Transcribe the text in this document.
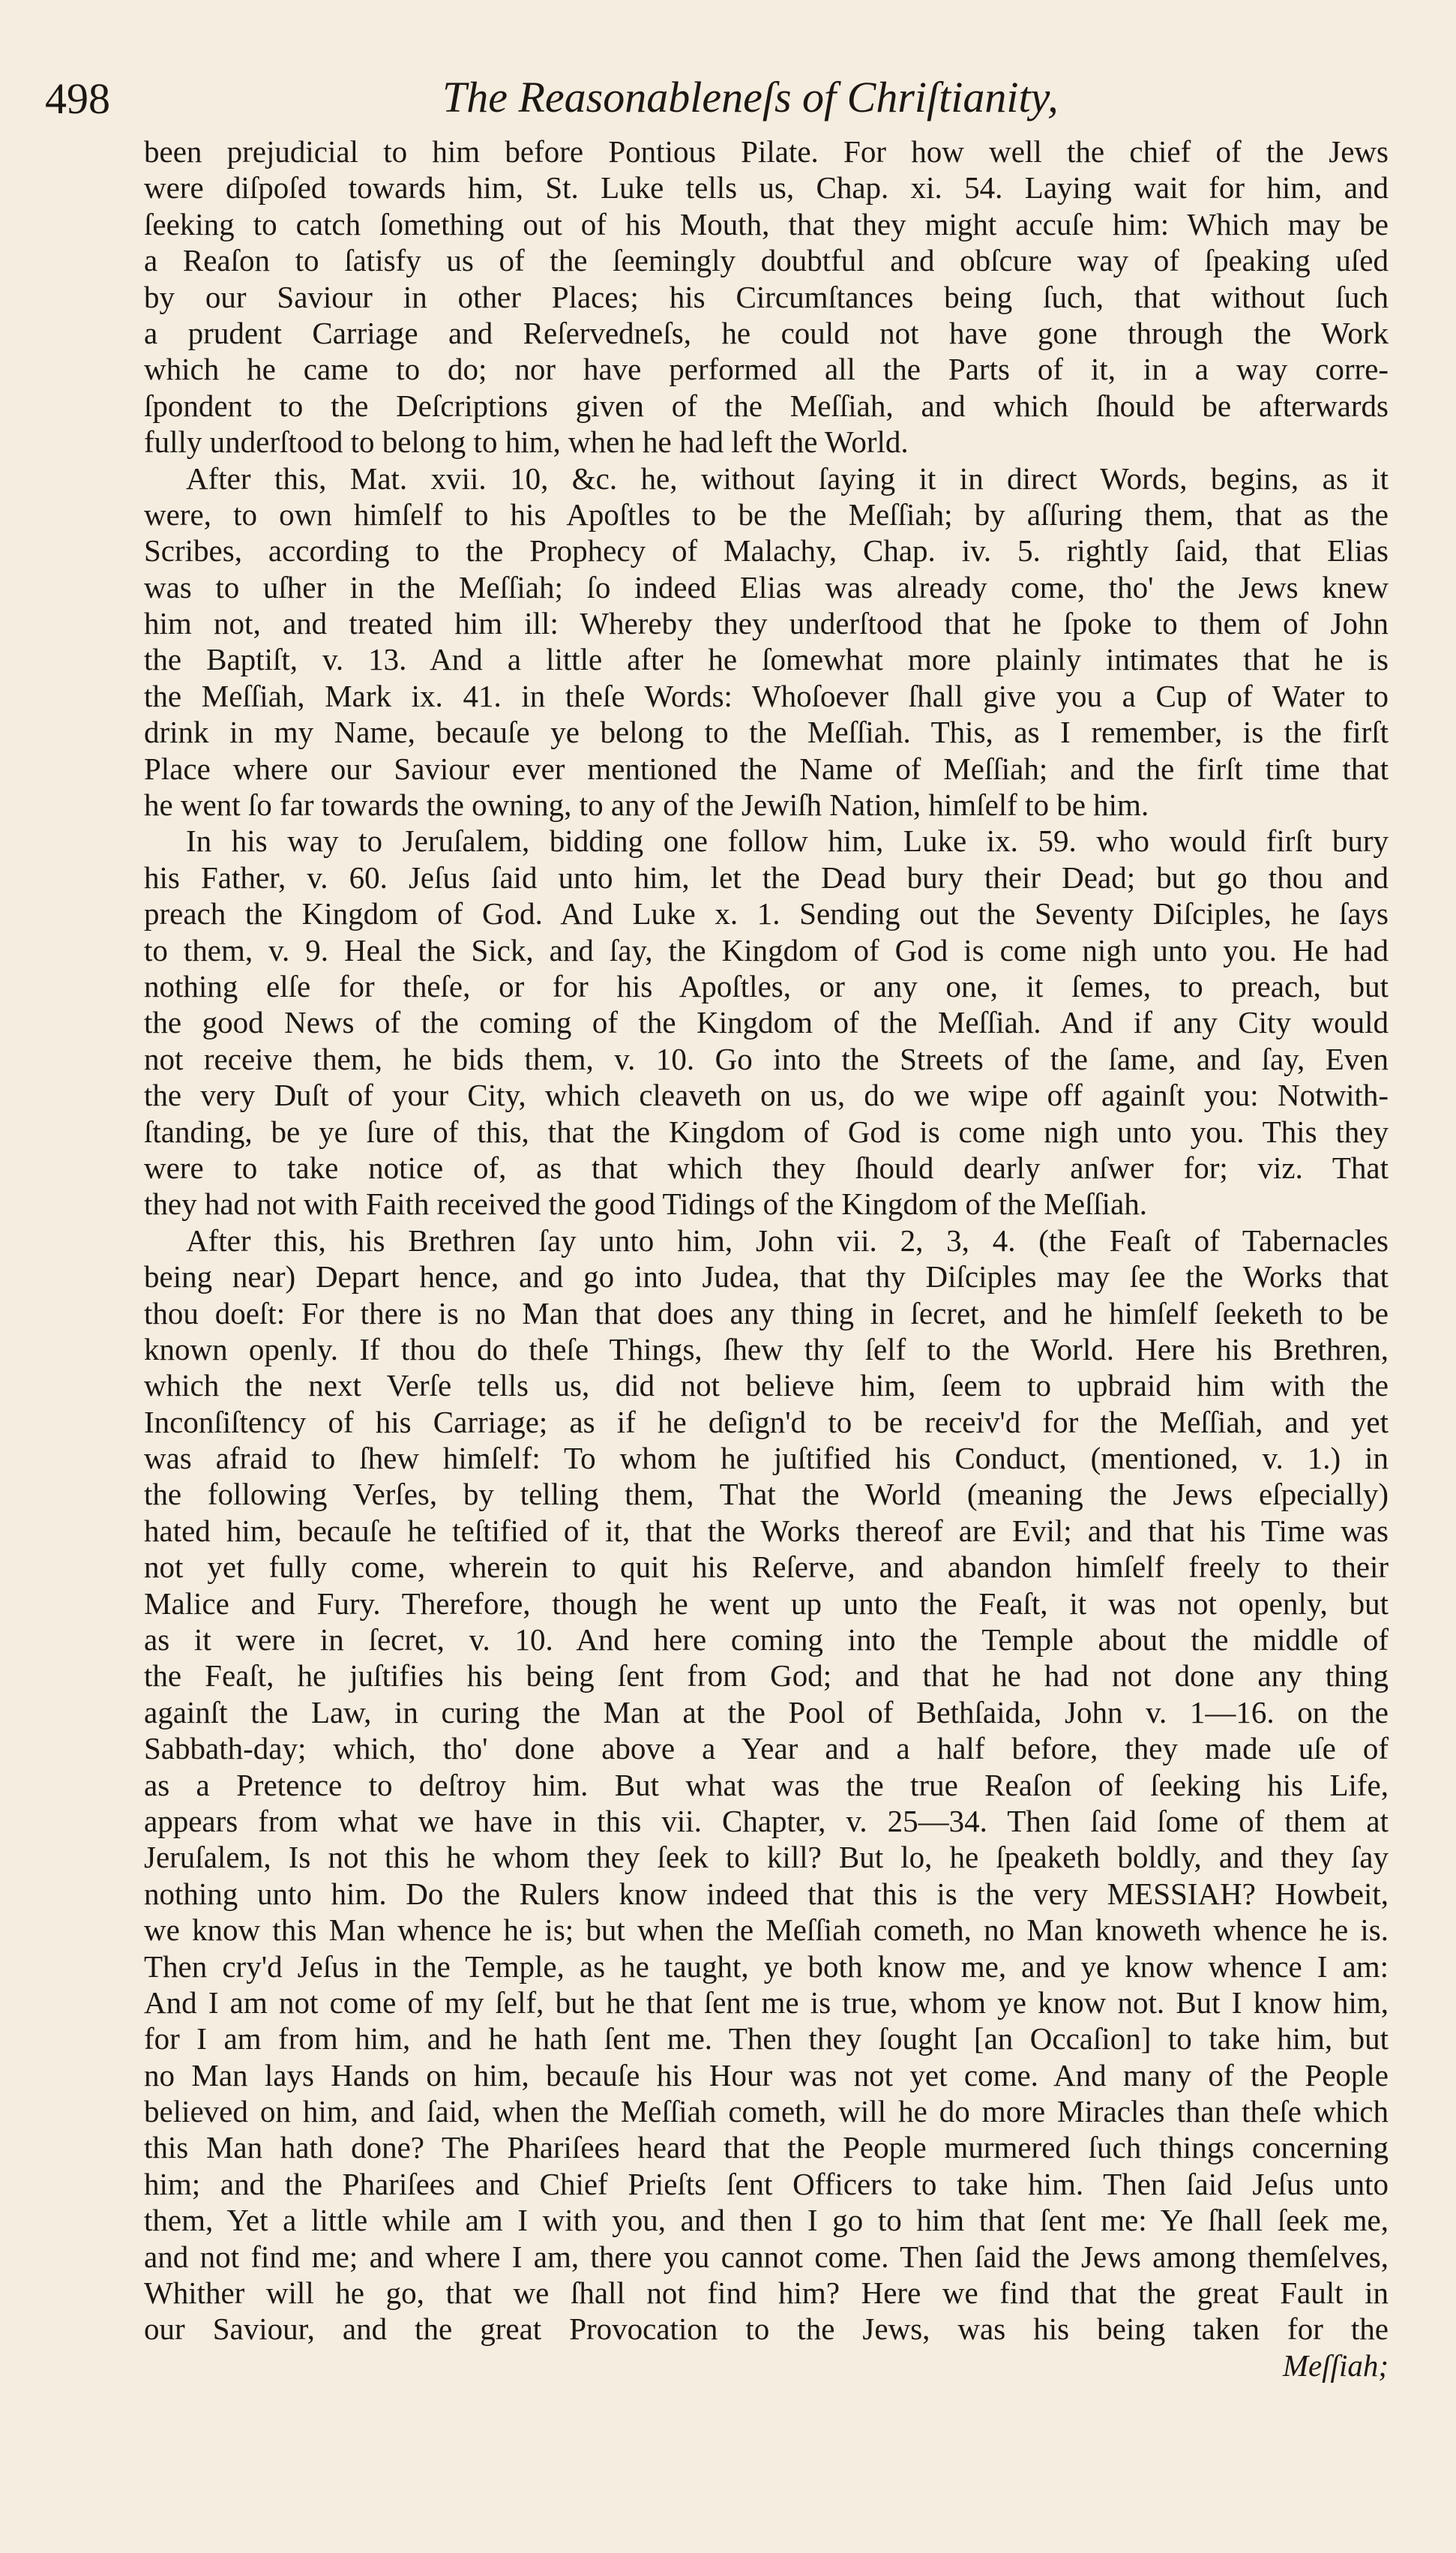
498	The Reasonableneſs of Chriſtianity,
been prejudicial to him before Pontious Pilate. For how well the chief of the Jews
were diſpoſed towards him, St. Luke tells us, Chap. xi. 54. Laying wait for him, and
ſeeking to catch ſomething out of his Mouth, that they might accuſe him: Which may be
a Reaſon to ſatisfy us of the ſeemingly doubtful and obſcure way of ſpeaking uſed
by our Saviour in other Places; his Circumſtances being ſuch, that without ſuch
a prudent Carriage and Reſervedneſs, he could not have gone through the Work
which he came to do; nor have performed all the Parts of it, in a way corre-
ſpondent to the Deſcriptions given of the Meſſiah, and which ſhould be afterwards
fully underſtood to belong to him, when he had left the World.
After this, Mat. xvii. 10, &c. he, without ſaying it in direct Words, begins, as it
were, to own himſelf to his Apoſtles to be the Meſſiah; by aſſuring them, that as the
Scribes, according to the Prophecy of Malachy, Chap. iv. 5. rightly ſaid, that Elias
was to uſher in the Meſſiah; ſo indeed Elias was already come, tho' the Jews knew
him not, and treated him ill: Whereby they underſtood that he ſpoke to them of John
the Baptiſt, v. 13. And a little after he ſomewhat more plainly intimates that he is
the Meſſiah, Mark ix. 41. in theſe Words: Whoſoever ſhall give you a Cup of Water to
drink in my Name, becauſe ye belong to the Meſſiah. This, as I remember, is the firſt
Place where our Saviour ever mentioned the Name of Meſſiah; and the firſt time that
he went ſo far towards the owning, to any of the Jewiſh Nation, himſelf to be him.
In his way to Jeruſalem, bidding one follow him, Luke ix. 59. who would firſt bury
his Father, v. 60. Jeſus ſaid unto him, let the Dead bury their Dead; but go thou and
preach the Kingdom of God. And Luke x. 1. Sending out the Seventy Diſciples, he ſays
to them, v. 9. Heal the Sick, and ſay, the Kingdom of God is come nigh unto you. He had
nothing elſe for theſe, or for his Apoſtles, or any one, it ſemes, to preach, but
the good News of the coming of the Kingdom of the Meſſiah. And if any City would
not receive them, he bids them, v. 10. Go into the Streets of the ſame, and ſay, Even
the very Duſt of your City, which cleaveth on us, do we wipe off againſt you: Notwith-
ſtanding, be ye ſure of this, that the Kingdom of God is come nigh unto you. This they
were to take notice of, as that which they ſhould dearly anſwer for; viz. That
they had not with Faith received the good Tidings of the Kingdom of the Meſſiah.
After this, his Brethren ſay unto him, John vii. 2, 3, 4. (the Feaſt of Tabernacles
being near) Depart hence, and go into Judea, that thy Diſciples may ſee the Works that
thou doeſt: For there is no Man that does any thing in ſecret, and he himſelf ſeeketh to be
known openly. If thou do theſe Things, ſhew thy ſelf to the World. Here his Brethren,
which the next Verſe tells us, did not believe him, ſeem to upbraid him with the
Inconſiſtency of his Carriage; as if he deſign'd to be receiv'd for the Meſſiah, and yet
was afraid to ſhew himſelf: To whom he juſtified his Conduct, (mentioned, v. 1.) in
the following Verſes, by telling them, That the World (meaning the Jews eſpecially)
hated him, becauſe he teſtified of it, that the Works thereof are Evil; and that his Time was
not yet fully come, wherein to quit his Reſerve, and abandon himſelf freely to their
Malice and Fury. Therefore, though he went up unto the Feaſt, it was not openly, but
as it were in ſecret, v. 10. And here coming into the Temple about the middle of
the Feaſt, he juſtifies his being ſent from God; and that he had not done any thing
againſt the Law, in curing the Man at the Pool of Bethſaida, John v. 1—16. on the
Sabbath-day; which, tho' done above a Year and a half before, they made uſe of
as a Pretence to deſtroy him. But what was the true Reaſon of ſeeking his Life,
appears from what we have in this vii. Chapter, v. 25—34. Then ſaid ſome of them at
Jeruſalem, Is not this he whom they ſeek to kill? But lo, he ſpeaketh boldly, and they ſay
nothing unto him. Do the Rulers know indeed that this is the very MESSIAH? Howbeit,
we know this Man whence he is; but when the Meſſiah cometh, no Man knoweth whence he is.
Then cry'd Jeſus in the Temple, as he taught, ye both know me, and ye know whence I am:
And I am not come of my ſelf, but he that ſent me is true, whom ye know not. But I know him,
for I am from him, and he hath ſent me. Then they ſought [an Occaſion] to take him, but
no Man lays Hands on him, becauſe his Hour was not yet come. And many of the People
believed on him, and ſaid, when the Meſſiah cometh, will he do more Miracles than theſe which
this Man hath done? The Phariſees heard that the People murmered ſuch things concerning
him; and the Phariſees and Chief Prieſts ſent Officers to take him. Then ſaid Jeſus unto
them, Yet a little while am I with you, and then I go to him that ſent me: Ye ſhall ſeek me,
and not find me; and where I am, there you cannot come. Then ſaid the Jews among themſelves,
Whither will he go, that we ſhall not find him? Here we find that the great Fault in
our Saviour, and the great Provocation to the Jews, was his being taken for the
Meſſiah;
